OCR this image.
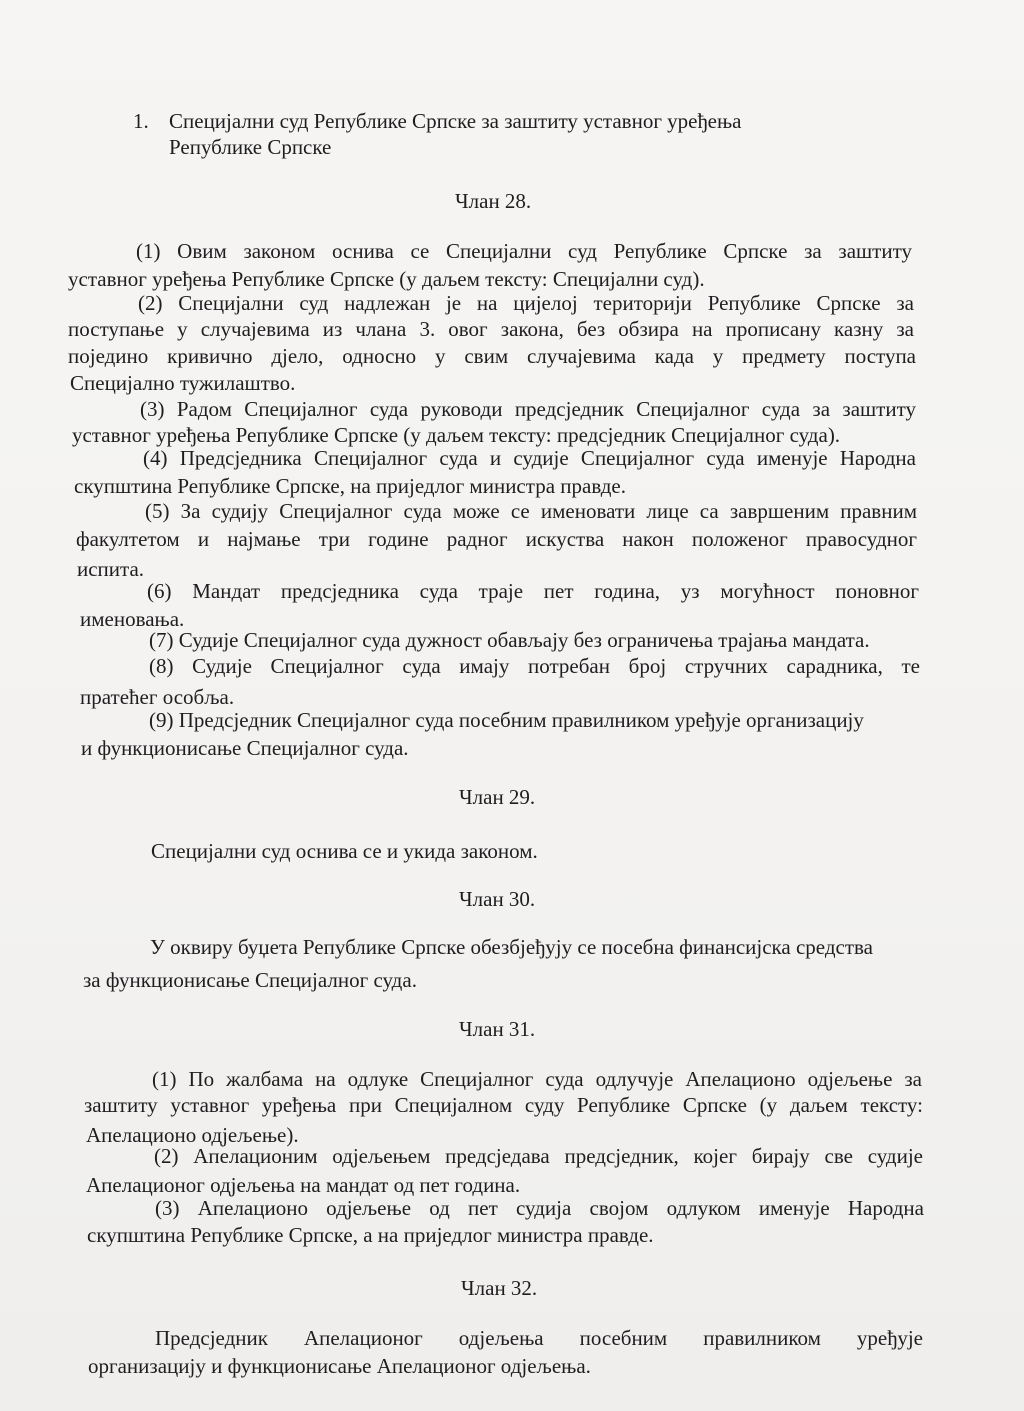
1. Специјални суд Републике Српске за заштиту уставног уређења
Републике Српске
Члан 28.
(1) Овим законом оснива се Специјални суд Републике Српске за заштиту
уставног уређења Републике Српске (у даљем тексту: Специјални суд).
(2) Специјални суд надлежан је на цијелој територији Републике Српске за
поступање у случајевима из члана 3. овог закона, без обзира на прописану казну за
поједино кривично дјело, односно у свим случајевима када у предмету поступа
Специјално тужилаштво.
(3) Радом Специјалног суда руководи предсједник Специјалног суда за заштиту
уставног уређења Републике Српске (у даљем тексту: предсједник Специјалног суда).
(4) Предсједника Специјалног суда и судије Специјалног суда именује Народна
скупштина Републике Српске, на приједлог министра правде.
(5) За судију Специјалног суда може се именовати лице са завршеним правним
факултетом и најмање три године радног искуства након положеног правосудног
испита.
(6) Мандат предсједника суда траје пет година, уз могућност поновног
именовања.
(7) Судије Специјалног суда дужност обављају без ограничења трајања мандата.
(8) Судије Специјалног суда имају потребан број стручних сарадника, те
пратећег особља.
(9) Предсједник Специјалног суда посебним правилником уређује организацију
и функционисање Специјалног суда.
Члан 29.
Специјални суд оснива се и укида законом.
Члан 30.
У оквиру буџета Републике Српске обезбјеђују се посебна финансијска средства
за функционисање Специјалног суда.
Члан 31.
(1) По жалбама на одлуке Специјалног суда одлучује Апелационо одјељење за
заштиту уставног уређења при Специјалном суду Републике Српске (у даљем тексту:
Апелационо одјељење).
(2) Апелационим одјељењем предсједава предсједник, којег бирају све судије
Апелационог одјељења на мандат од пет година.
(3) Апелационо одјељење од пет судија својом одлуком именује Народна
скупштина Републике Српске, а на приједлог министра правде.
Члан 32.
Предсједник Апелационог одјељења посебним правилником уређује
организацију и функционисање Апелационог одјељења.
